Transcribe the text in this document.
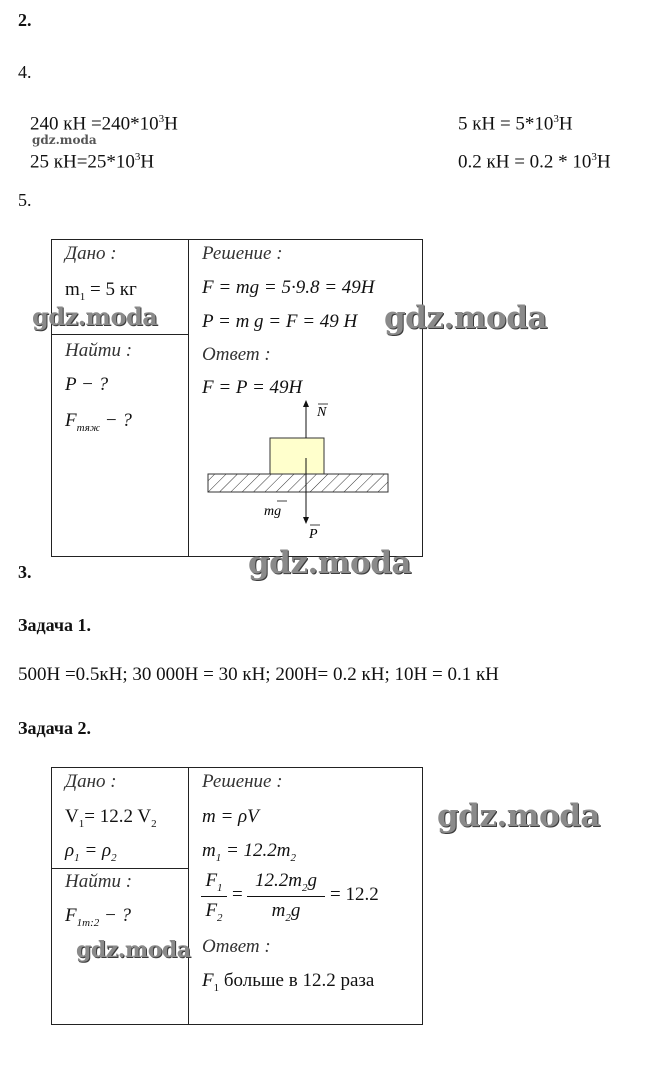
2.
4.
240 кН $=240*10^3Н$
gdz.moda
25 $кН=25*10^3Н$
5 кН = $5*10^3Н$
0.2 кН = $0.2 * 10^3Н$
5.
Дано :
$m_1 = 5$ кг
Найти :
P − ?
$F_{тяж}$ − ?
Решение :
F = mg = 5·9.8 = 49Н
P = m g = F = 49 Н
Ответ :
F = P = 49Н
N
mg
P
gdz.moda	gdz.moda
gdz.moda
3.
Задача 1.
500Н =0.5кН; 30 000Н = 30 кН; 200Н= 0.2 кН; 10Н = 0.1 кН
Задача 2.
Дано :
$V_1= 12.2$ $V_2$
$\rho_1 = \rho_2$
Найти :
$F_{1m:2}$ − ?
Решение :
m = ρV
$m_1 = 12.2m_2$
$F_1$
$F_2$
=
$12.2m_2g$
$m_2g$
= 12.2
Ответ :
$F_1$ больше в 12.2 раза
gdz.moda
gdz.moda
